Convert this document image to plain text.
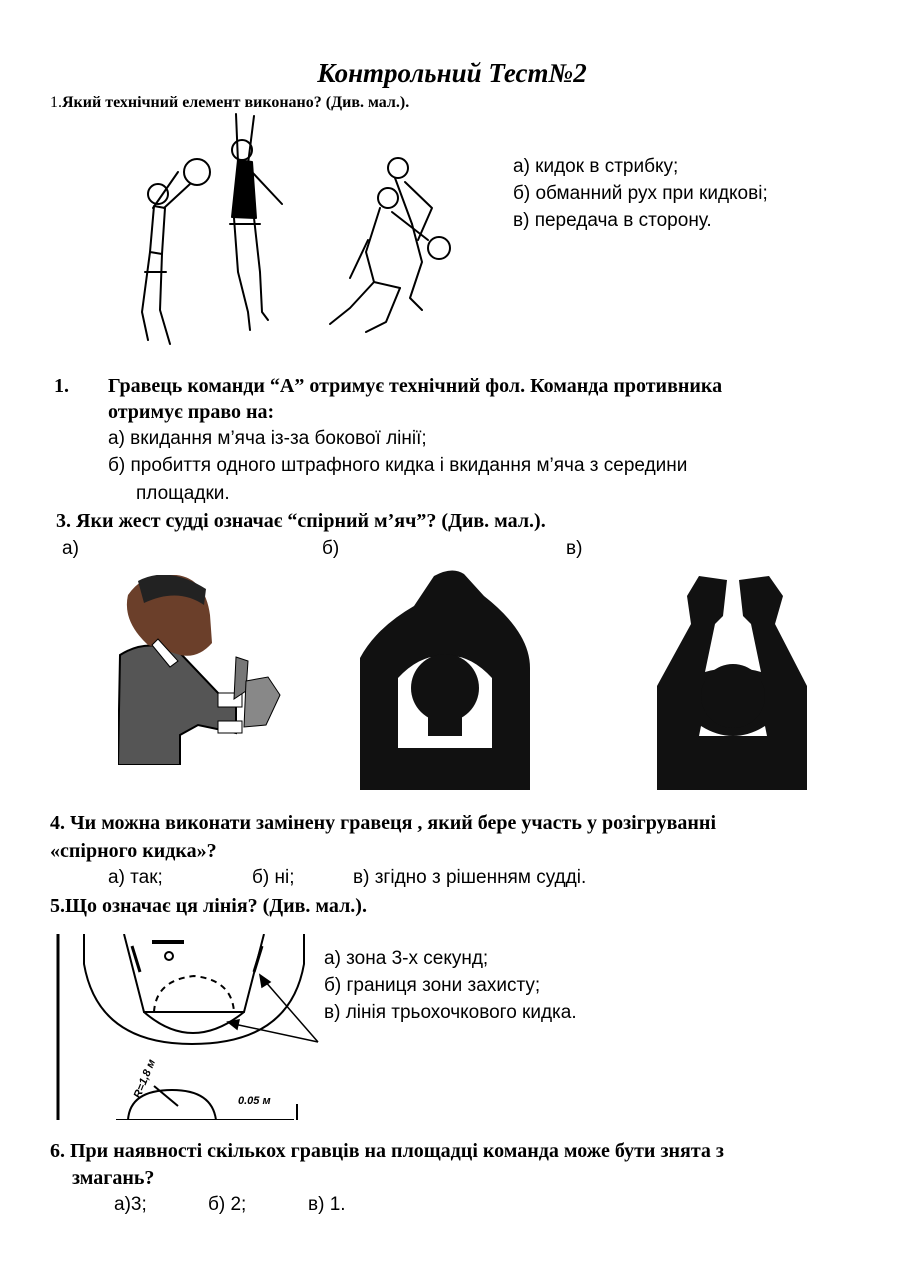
Контрольний Тест№2
1.Який технічний елемент виконано? (Див. мал.).
а) кидок в стрибку;
б) обманний рух при кидкові;
в) передача в сторону.
1. Гравець команди “А” отримує технічний фол. Команда противника
отримує право на:
а) вкидання м’яча із-за бокової лінії;
б) пробиття одного штрафного кидка і вкидання м’яча з середини
площадки.
3. Яки жест судді означає “спірний м’яч”? (Див. мал.).
а)	б)	в)
4. Чи можна виконати замінену гравеця , який бере участь у розігруванні
«спірного кидка»?
а) так;	б) ні;	в) згідно з рішенням судді.
5.Що означає ця лінія? (Див. мал.).
R=1,8 м
0.05 м
а) зона 3-х секунд;
б) границя зони захисту;
в) лінія трьохочкового кидка.
6. При наявності скількох гравців на площадці команда може бути знята з
змагань?
а)3;	б) 2;	в) 1.
